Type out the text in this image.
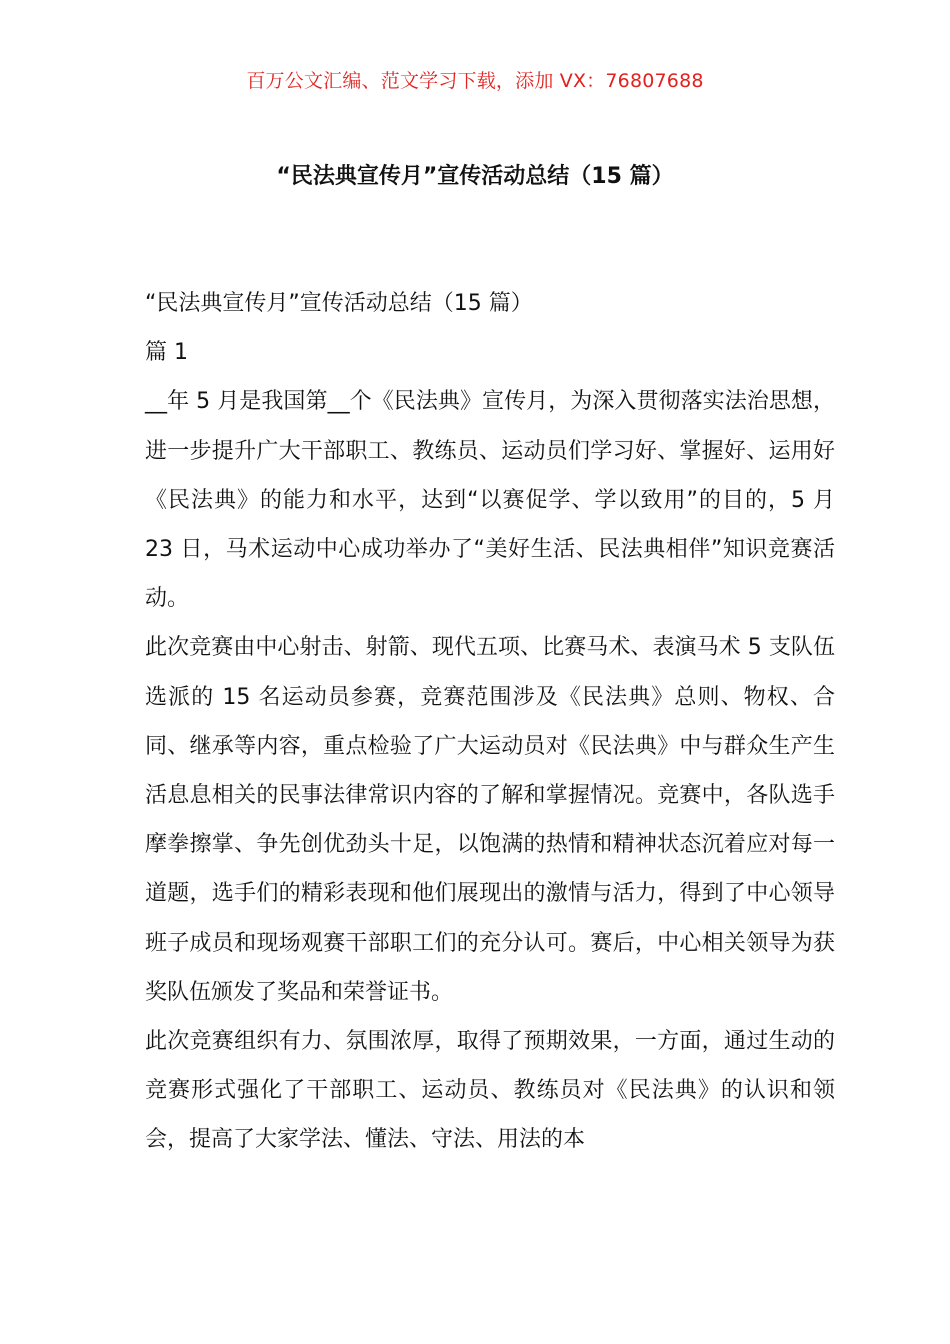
百万公文汇编、范文学习下载，添加 VX：76807688
“民法典宣传月”宣传活动总结（15 篇）

“民法典宣传月”宣传活动总结（15 篇）

篇 1

__年 5 月是我国第__个《民法典》宣传月，为深入贯彻落实法治思想，进一步提升广大干部职工、教练员、运动员们学习好、掌握好、运用好《民法典》的能力和水平，达到“以赛促学、学以致用”的目的，5 月 23 日，马术运动中心成功举办了“美好生活、民法典相伴”知识竞赛活动。

此次竞赛由中心射击、射箭、现代五项、比赛马术、表演马术 5 支队伍选派的 15 名运动员参赛，竞赛范围涉及《民法典》总则、物权、合同、继承等内容，重点检验了广大运动员对《民法典》中与群众生产生活息息相关的民事法律常识内容的了解和掌握情况。竞赛中，各队选手摩拳擦掌、争先创优劲头十足，以饱满的热情和精神状态沉着应对每一道题，选手们的精彩表现和他们展现出的激情与活力，得到了中心领导班子成员和现场观赛干部职工们的充分认可。赛后，中心相关领导为获奖队伍颁发了奖品和荣誉证书。

此次竞赛组织有力、氛围浓厚，取得了预期效果，一方面，通过生动的竞赛形式强化了干部职工、运动员、教练员对《民法典》的认识和领会，提高了大家学法、懂法、守法、用法的本
